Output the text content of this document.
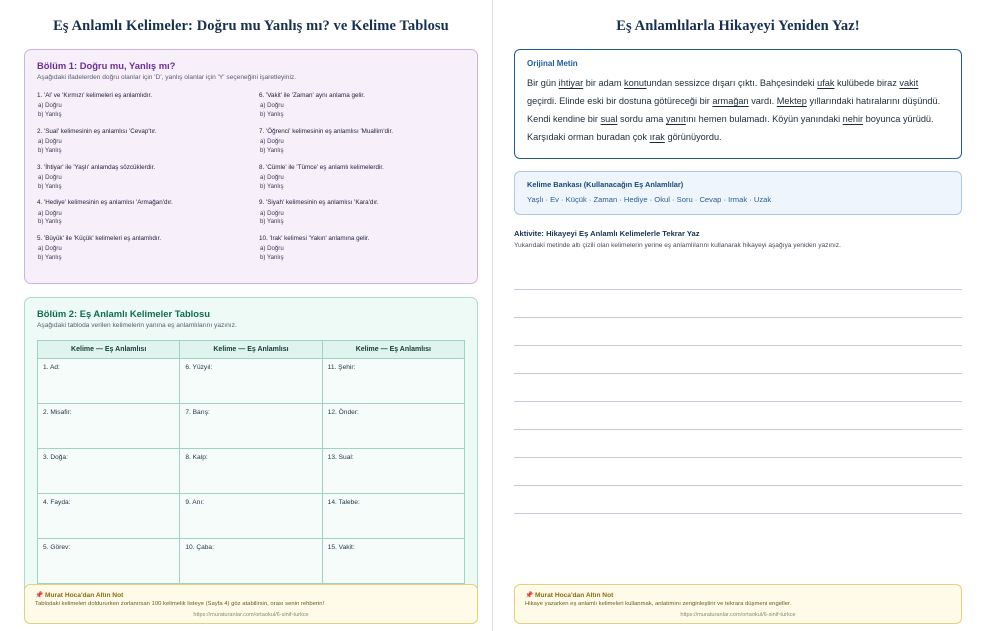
Eş Anlamlı Kelimeler: Doğru mu Yanlış mı? ve Kelime Tablosu

Bölüm 1: Doğru mu, Yanlış mı?

Aşağıdaki ifadelerden doğru olanlar için 'D', yanlış olanlar için 'Y' seçeneğini işaretleyiniz.

1. 'Al' ve 'Kırmızı' kelimeleri eş anlamlıdır.

a) Doğru

b) Yanlış

2. 'Sual' kelimesinin eş anlamlısı 'Cevap'tır.

a) Doğru

b) Yanlış

3. 'İhtiyar' ile 'Yaşlı' anlamdaş sözcüklerdir.

a) Doğru

b) Yanlış

4. 'Hediye' kelimesinin eş anlamlısı 'Armağan'dır.

a) Doğru

b) Yanlış

5. 'Büyük' ile 'Küçük' kelimeleri eş anlamlıdır.

a) Doğru

b) Yanlış

6. 'Vakit' ile 'Zaman' aynı anlama gelir.

a) Doğru

b) Yanlış

7. 'Öğrenci' kelimesinin eş anlamlısı 'Muallim'dir.

a) Doğru

b) Yanlış

8. 'Cümle' ile 'Tümce' eş anlamlı kelimelerdir.

a) Doğru

b) Yanlış

9. 'Siyah' kelimesinin eş anlamlısı 'Kara'dır.

a) Doğru

b) Yanlış

10. 'Irak' kelimesi 'Yakın' anlamına gelir.

a) Doğru

b) Yanlış

Bölüm 2: Eş Anlamlı Kelimeler Tablosu

Aşağıdaki tabloda verilen kelimelerin yanına eş anlamlılarını yazınız.

Kelime — Eş Anlamlısı	Kelime — Eş Anlamlısı	Kelime — Eş Anlamlısı
1. Ad:	6. Yüzyıl:	11. Şehir:
2. Misafir:	7. Barış:	12. Önder:
3. Doğa:	8. Kalp:	13. Sual:
4. Fayda:	9. Anı:	14. Talebe:
5. Görev:	10. Çaba:	15. Vakit:

📌 Murat Hoca'dan Altın Not

Tablodaki kelimeleri doldururken zorlanırsan 100 kelimelik listeye (Sayfa 4) göz atabilirsin, orası senin rehberin!

https://muraturanlar.com/ortaokul/6-sinif-turkce

Eş Anlamlılarla Hikayeyi Yeniden Yaz!

Orijinal Metin

Bir gün ihtiyar bir adam konutundan sessizce dışarı çıktı. Bahçesindeki ufak kulübede biraz vakit geçirdi. Elinde eski bir dostuna götüreceği bir armağan vardı. Mektep yıllarındaki hatıralarını düşündü. Kendi kendine bir sual sordu ama yanıtını hemen bulamadı. Köyün yanındaki nehir boyunca yürüdü. Karşıdaki orman buradan çok ırak görünüyordu.

Kelime Bankası (Kullanacağın Eş Anlamlılar)

Yaşlı · Ev · Küçük · Zaman · Hediye · Okul · Soru · Cevap · Irmak · Uzak

Aktivite: Hikayeyi Eş Anlamlı Kelimelerle Tekrar Yaz

Yukarıdaki metinde altı çizili olan kelimelerin yerine eş anlamlılarını kullanarak hikayeyi aşağıya yeniden yazınız.

📌 Murat Hoca'dan Altın Not

Hikaye yazarken eş anlamlı kelimeleri kullanmak, anlatımını zenginleştirir ve tekrara düşmeni engeller.

https://muraturanlar.com/ortaokul/6-sinif-turkce
